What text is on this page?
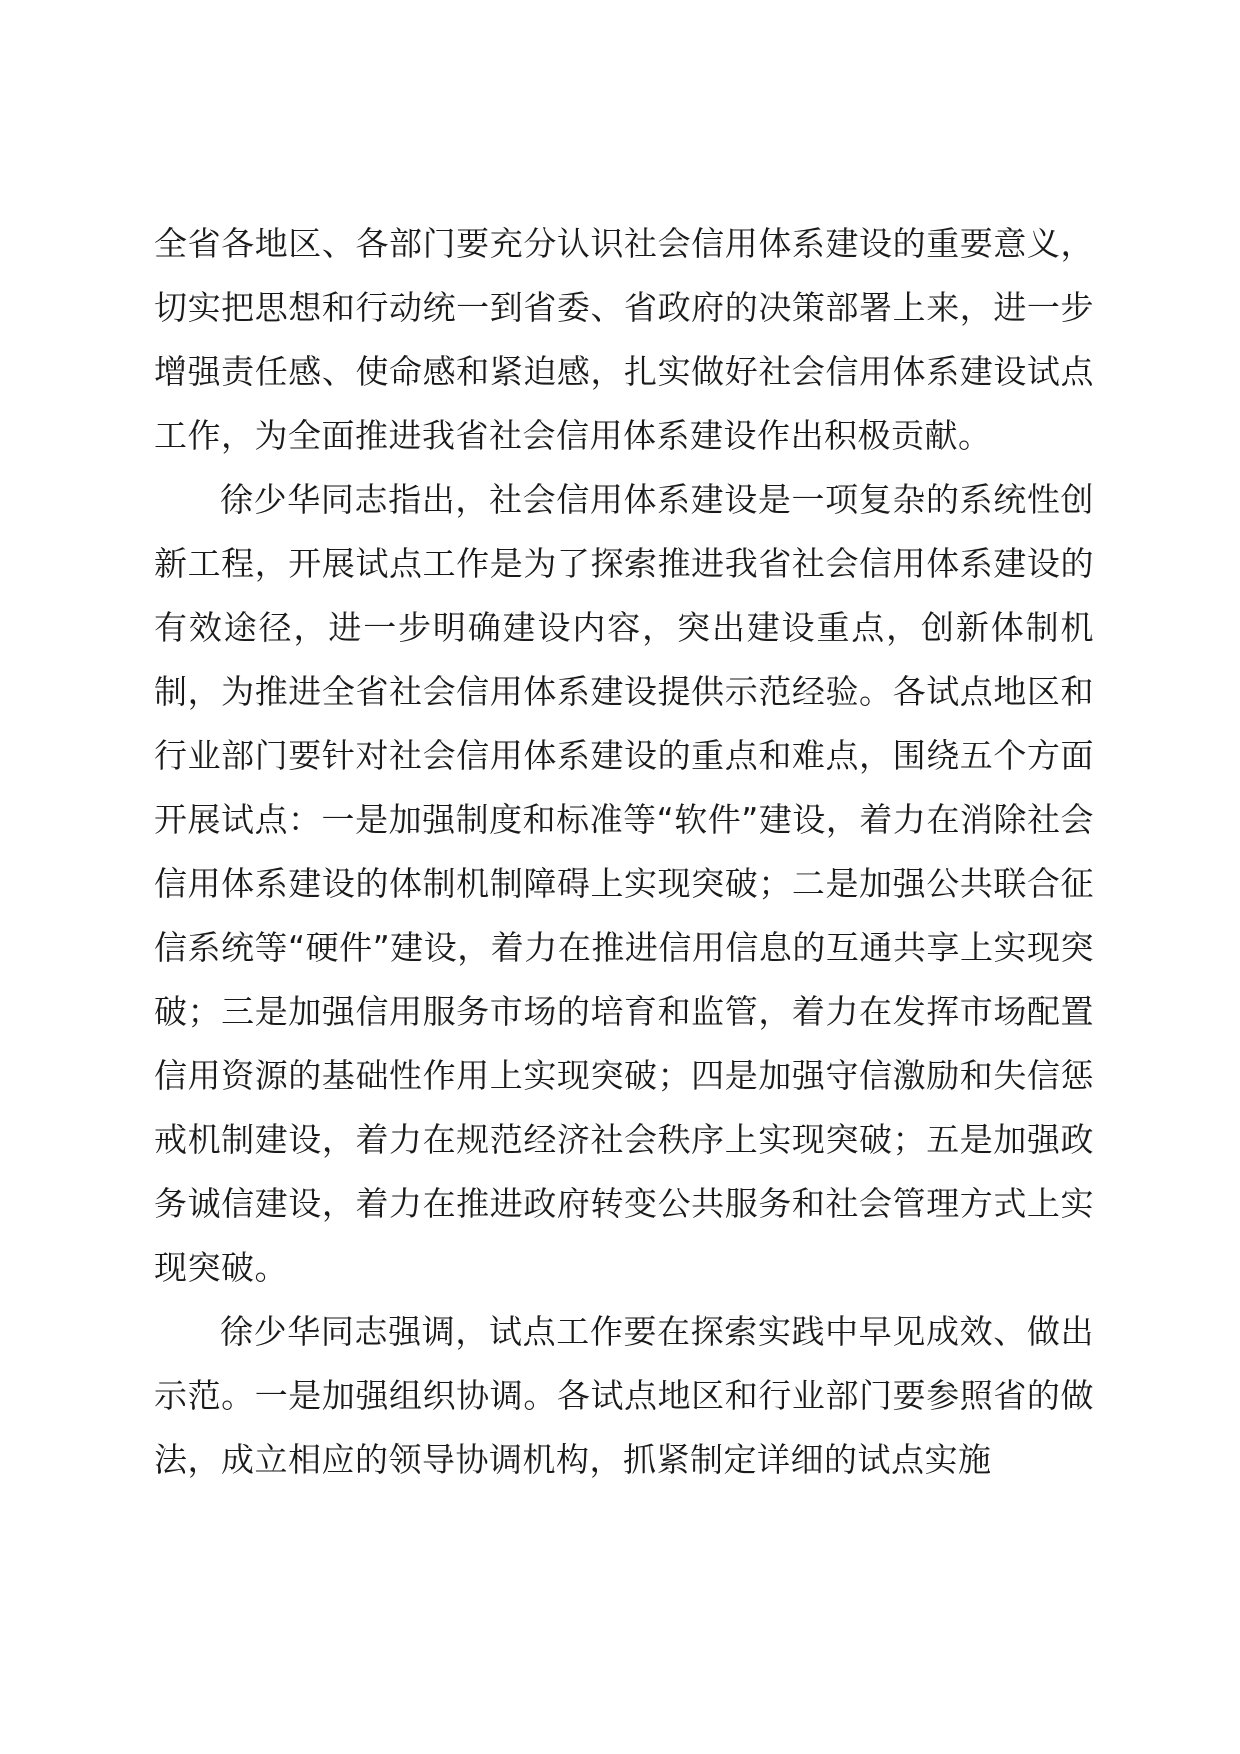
全省各地区、各部门要充分认识社会信用体系建设的重要意义，切实把思想和行动统一到省委、省政府的决策部署上来，进一步增强责任感、使命感和紧迫感，扎实做好社会信用体系建设试点工作，为全面推进我省社会信用体系建设作出积极贡献。

徐少华同志指出，社会信用体系建设是一项复杂的系统性创新工程，开展试点工作是为了探索推进我省社会信用体系建设的有效途径，进一步明确建设内容，突出建设重点，创新体制机制，为推进全省社会信用体系建设提供示范经验。各试点地区和行业部门要针对社会信用体系建设的重点和难点，围绕五个方面开展试点：一是加强制度和标准等“软件”建设，着力在消除社会信用体系建设的体制机制障碍上实现突破；二是加强公共联合征信系统等“硬件”建设，着力在推进信用信息的互通共享上实现突破；三是加强信用服务市场的培育和监管，着力在发挥市场配置信用资源的基础性作用上实现突破；四是加强守信激励和失信惩戒机制建设，着力在规范经济社会秩序上实现突破；五是加强政务诚信建设，着力在推进政府转变公共服务和社会管理方式上实现突破。

徐少华同志强调，试点工作要在探索实践中早见成效、做出示范。一是加强组织协调。各试点地区和行业部门要参照省的做法，成立相应的领导协调机构，抓紧制定详细的试点实施
